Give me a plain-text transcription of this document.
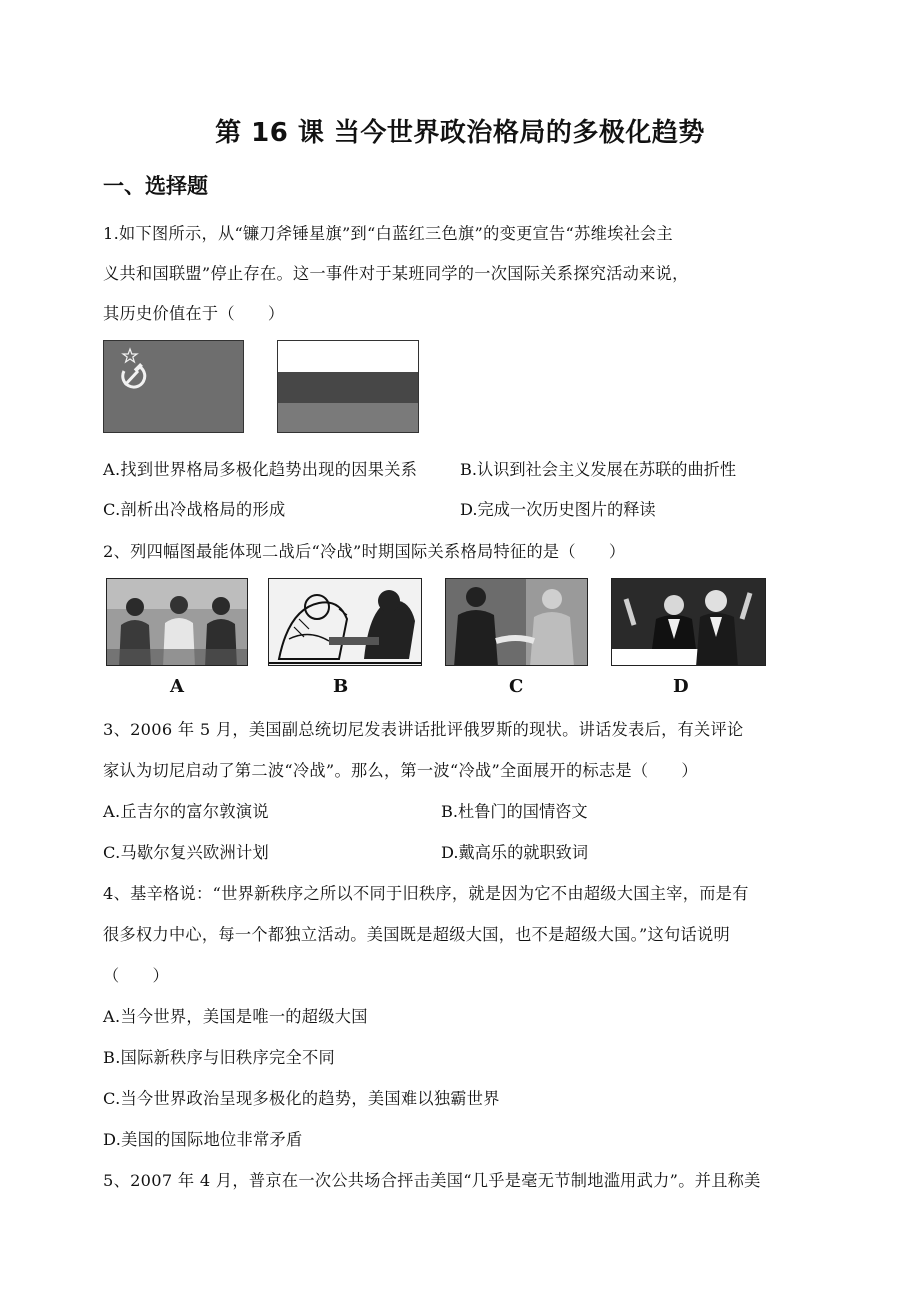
第 16 课 当今世界政治格局的多极化趋势
一、选择题
1.如下图所示，从“镰刀斧锤星旗”到“白蓝红三色旗”的变更宣告“苏维埃社会主
义共和国联盟”停止存在。这一事件对于某班同学的一次国际关系探究活动来说，
其历史价值在于（　　）
A.找到世界格局多极化趋势出现的因果关系	B.认识到社会主义发展在苏联的曲折性
C.剖析出冷战格局的形成	D.完成一次历史图片的释读
2、列四幅图最能体现二战后“冷战”时期国际关系格局特征的是（　　）
A	B	C	D
3、2006 年 5 月，美国副总统切尼发表讲话批评俄罗斯的现状。讲话发表后，有关评论
家认为切尼启动了第二波“冷战”。那么，第一波“冷战”全面展开的标志是（　　）
A.丘吉尔的富尔敦演说	B.杜鲁门的国情咨文
C.马歇尔复兴欧洲计划	D.戴高乐的就职致词
4、基辛格说：“世界新秩序之所以不同于旧秩序，就是因为它不由超级大国主宰，而是有
很多权力中心，每一个都独立活动。美国既是超级大国，也不是超级大国。”这句话说明
（　　）
A.当今世界，美国是唯一的超级大国
B.国际新秩序与旧秩序完全不同
C.当今世界政治呈现多极化的趋势，美国难以独霸世界
D.美国的国际地位非常矛盾
5、2007 年 4 月，普京在一次公共场合抨击美国“几乎是毫无节制地滥用武力”。并且称美
